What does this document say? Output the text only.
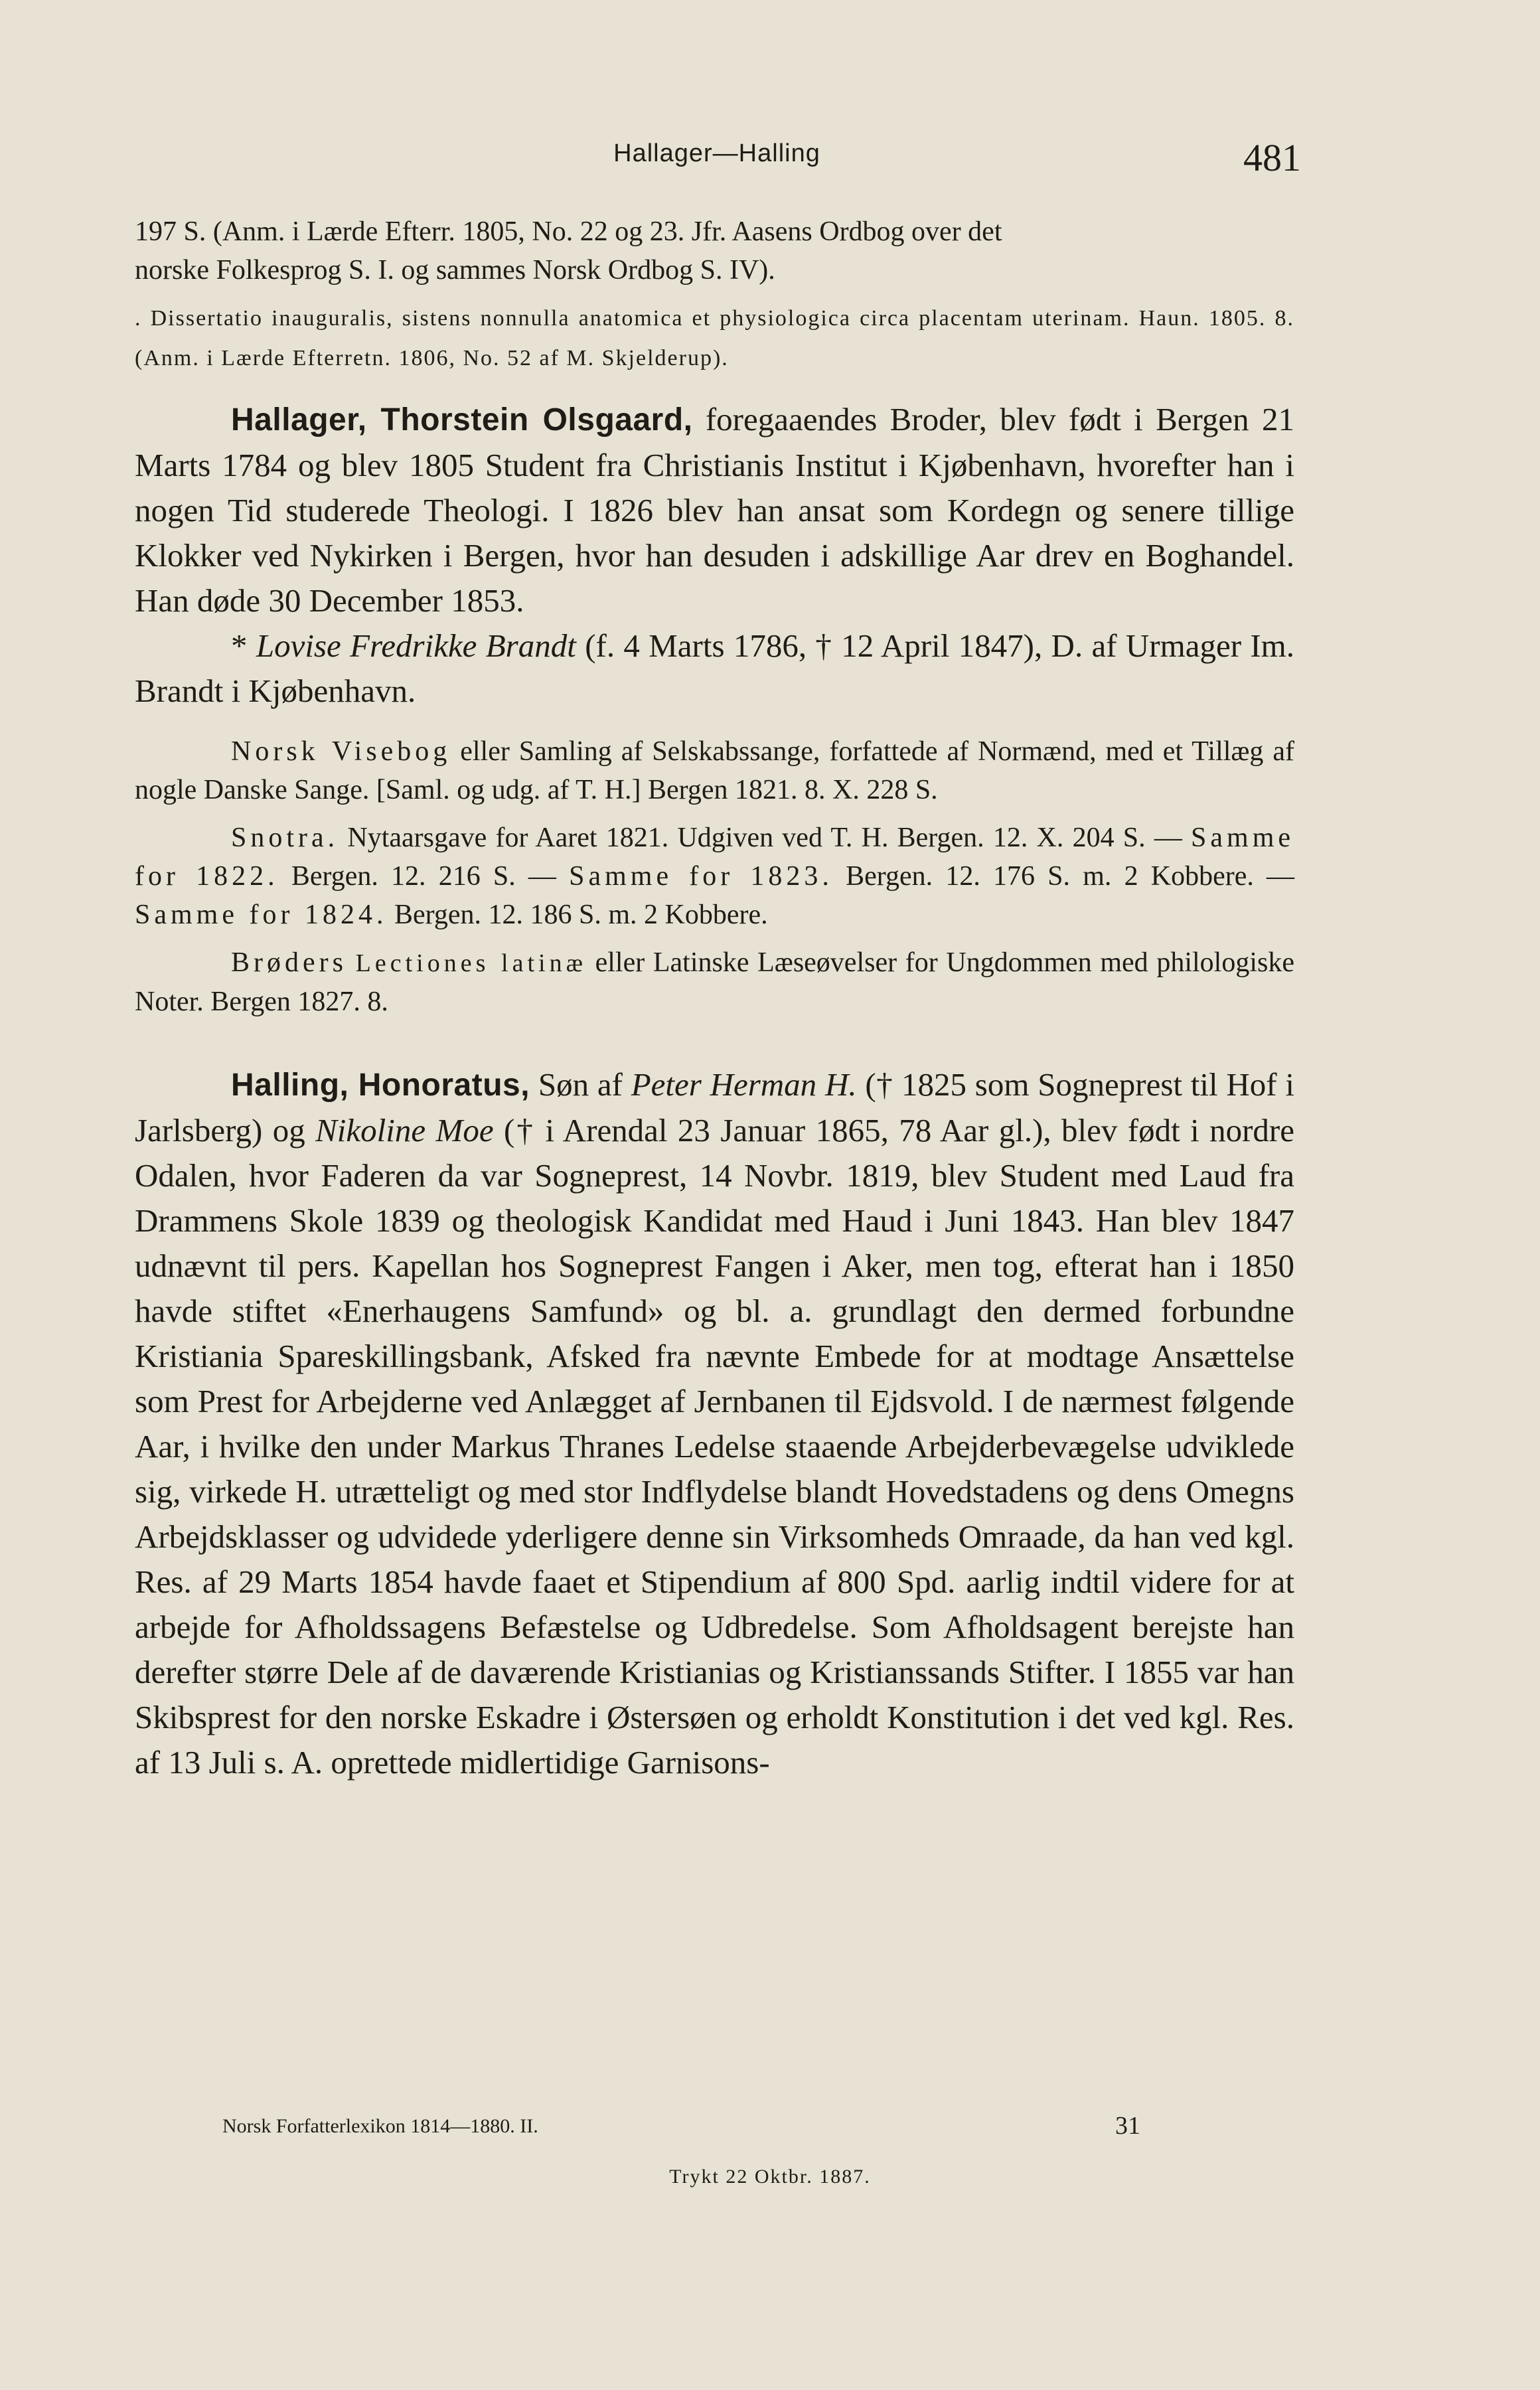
Hallager—Halling	481

197 S. (Anm. i Lærde Efterr. 1805, No. 22 og 23. Jfr. Aasens Ordbog over det

norske Folkesprog S. I. og sammes Norsk Ordbog S. IV).

. Dissertatio inauguralis, sistens nonnulla anatomica et physiologica circa placentam uterinam. Haun. 1805. 8. (Anm. i Lærde Efterretn. 1806, No. 52 af M. Skjelderup).

Hallager, Thorstein Olsgaard, foregaaendes Broder, blev født i Bergen 21 Marts 1784 og blev 1805 Student fra Christianis Institut i Kjøbenhavn, hvorefter han i nogen Tid studerede Theologi. I 1826 blev han ansat som Kordegn og senere tillige Klokker ved Nykirken i Bergen, hvor han desuden i adskillige Aar drev en Boghandel. Han døde 30 December 1853.

* Lovise Fredrikke Brandt (f. 4 Marts 1786, † 12 April 1847), D. af Urmager Im. Brandt i Kjøbenhavn.

Norsk Visebog eller Samling af Selskabssange, forfattede af Normænd, med et Tillæg af nogle Danske Sange. [Saml. og udg. af T. H.] Bergen 1821. 8. X. 228 S.

Snotra. Nytaarsgave for Aaret 1821. Udgiven ved T. H. Bergen. 12. X. 204 S. — Samme for 1822. Bergen. 12. 216 S. — Samme for 1823. Bergen. 12. 176 S. m. 2 Kobbere. — Samme for 1824. Bergen. 12. 186 S. m. 2 Kobbere.

Brøders Lectiones latinæ eller Latinske Læseøvelser for Ungdommen med philologiske Noter. Bergen 1827. 8.

Halling, Honoratus, Søn af Peter Herman H. († 1825 som Sogneprest til Hof i Jarlsberg) og Nikoline Moe († i Arendal 23 Januar 1865, 78 Aar gl.), blev født i nordre Odalen, hvor Faderen da var Sogneprest, 14 Novbr. 1819, blev Student med Laud fra Drammens Skole 1839 og theologisk Kandidat med Haud i Juni 1843. Han blev 1847 udnævnt til pers. Kapellan hos Sogneprest Fangen i Aker, men tog, efterat han i 1850 havde stiftet «Enerhaugens Samfund» og bl. a. grundlagt den dermed forbundne Kristiania Spareskillingsbank, Afsked fra nævnte Embede for at modtage Ansættelse som Prest for Arbejderne ved Anlægget af Jernbanen til Ejdsvold. I de nærmest følgende Aar, i hvilke den under Markus Thranes Ledelse staaende Arbejderbevægelse udviklede sig, virkede H. utrætteligt og med stor Indflydelse blandt Hovedstadens og dens Omegns Arbejdsklasser og udvidede yderligere denne sin Virksomheds Omraade, da han ved kgl. Res. af 29 Marts 1854 havde faaet et Stipendium af 800 Spd. aarlig indtil videre for at arbejde for Afholdssagens Befæstelse og Udbredelse. Som Afholdsagent berejste han derefter større Dele af de daværende Kristianias og Kristianssands Stifter. I 1855 var han Skibsprest for den norske Eskadre i Østersøen og erholdt Konstitution i det ved kgl. Res. af 13 Juli s. A. oprettede midlertidige Garnisons-

Norsk Forfatterlexikon 1814—1880. II.	31
Trykt 22 Oktbr. 1887.
